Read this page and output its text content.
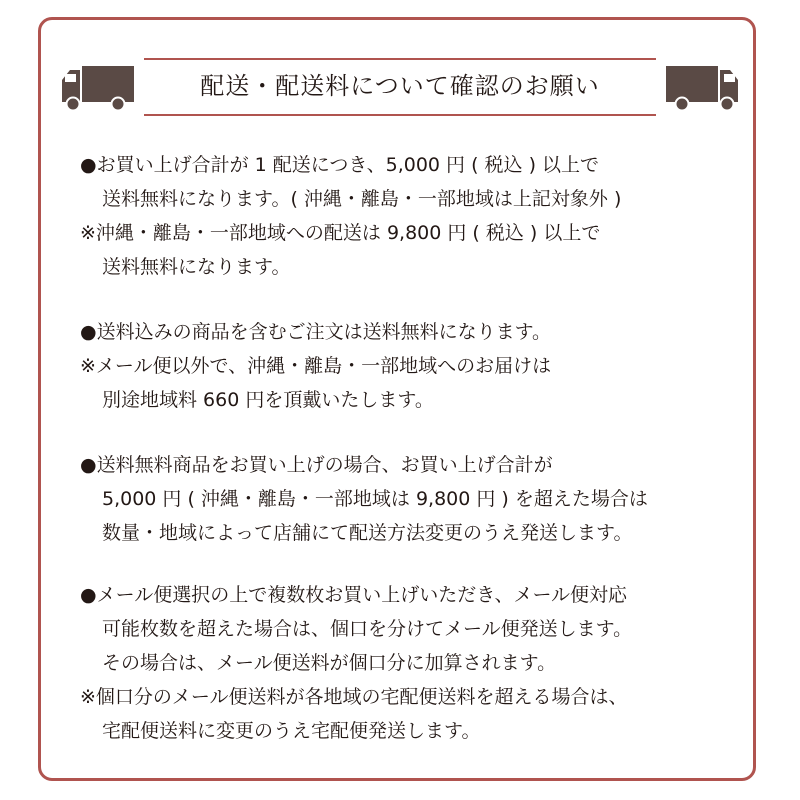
配送・配送料について確認のお願い
●お買い上げ合計が 1 配送につき、5,000 円 ( 税込 ) 以上で
送料無料になります。( 沖縄・離島・一部地域は上記対象外 )
※沖縄・離島・一部地域への配送は 9,800 円 ( 税込 ) 以上で
送料無料になります。
●送料込みの商品を含むご注文は送料無料になります。
※メール便以外で、沖縄・離島・一部地域へのお届けは
別途地域料 660 円を頂戴いたします。
●送料無料商品をお買い上げの場合、お買い上げ合計が
5,000 円 ( 沖縄・離島・一部地域は 9,800 円 ) を超えた場合は
数量・地域によって店舗にて配送方法変更のうえ発送します。
●メール便選択の上で複数枚お買い上げいただき、メール便対応
可能枚数を超えた場合は、個口を分けてメール便発送します。
その場合は、メール便送料が個口分に加算されます。
※個口分のメール便送料が各地域の宅配便送料を超える場合は、
宅配便送料に変更のうえ宅配便発送します。
